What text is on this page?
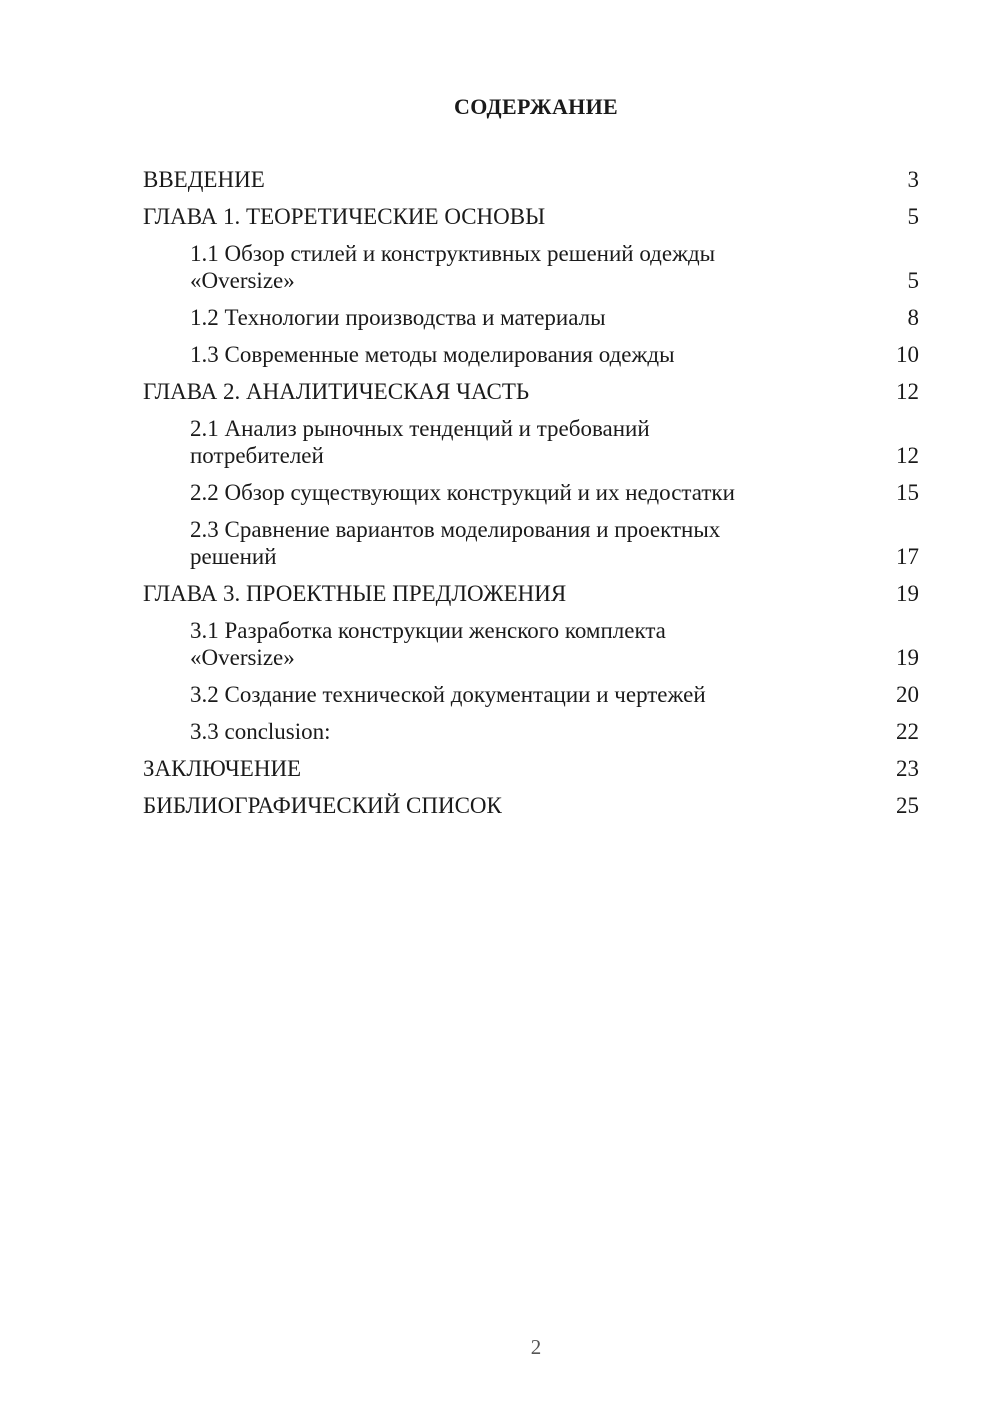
СОДЕРЖАНИЕ
ВВЕДЕНИЕ	3
ГЛАВА 1. ТЕОРЕТИЧЕСКИЕ ОСНОВЫ	5
1.1 Обзор стилей и конструктивных решений одежды «Oversize»	5
1.2 Технологии производства и материалы	8
1.3 Современные методы моделирования одежды	10
ГЛАВА 2. АНАЛИТИЧЕСКАЯ ЧАСТЬ	12
2.1 Анализ рыночных тенденций и требований потребителей	12
2.2 Обзор существующих конструкций и их недостатки	15
2.3 Сравнение вариантов моделирования и проектных решений	17
ГЛАВА 3. ПРОЕКТНЫЕ ПРЕДЛОЖЕНИЯ	19
3.1 Разработка конструкции женского комплекта «Oversize»	19
3.2 Создание технической документации и чертежей	20
3.3 conclusion:	22
ЗАКЛЮЧЕНИЕ	23
БИБЛИОГРАФИЧЕСКИЙ СПИСОК	25
2
